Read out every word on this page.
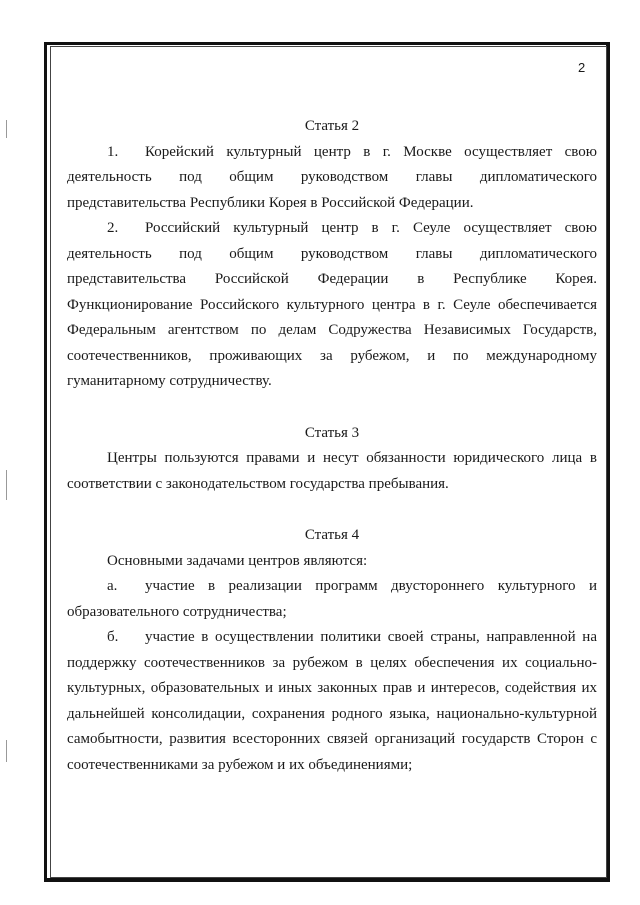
2
Статья 2

1. Корейский культурный центр в г. Москве осуществляет свою деятельность под общим руководством главы дипломатического представительства Республики Корея в Российской Федерации.

2. Российский культурный центр в г. Сеуле осуществляет свою деятельность под общим руководством главы дипломатического представительства Российской Федерации в Республике Корея. Функционирование Российского культурного центра в г. Сеуле обеспечивается Федеральным агентством по делам Содружества Независимых Государств, соотечественников, проживающих за рубежом, и по международному гуманитарному сотрудничеству.

Статья 3

Центры пользуются правами и несут обязанности юридического лица в соответствии с законодательством государства пребывания.

Статья 4

Основными задачами центров являются:

а. участие в реализации программ двустороннего культурного и образовательного сотрудничества;

б. участие в осуществлении политики своей страны, направленной на поддержку соотечественников за рубежом в целях обеспечения их социально-культурных, образовательных и иных законных прав и интересов, содействия их дальнейшей консолидации, сохранения родного языка, национально-культурной самобытности, развития всесторонних связей организаций государств Сторон с соотечественниками за рубежом и их объединениями;
